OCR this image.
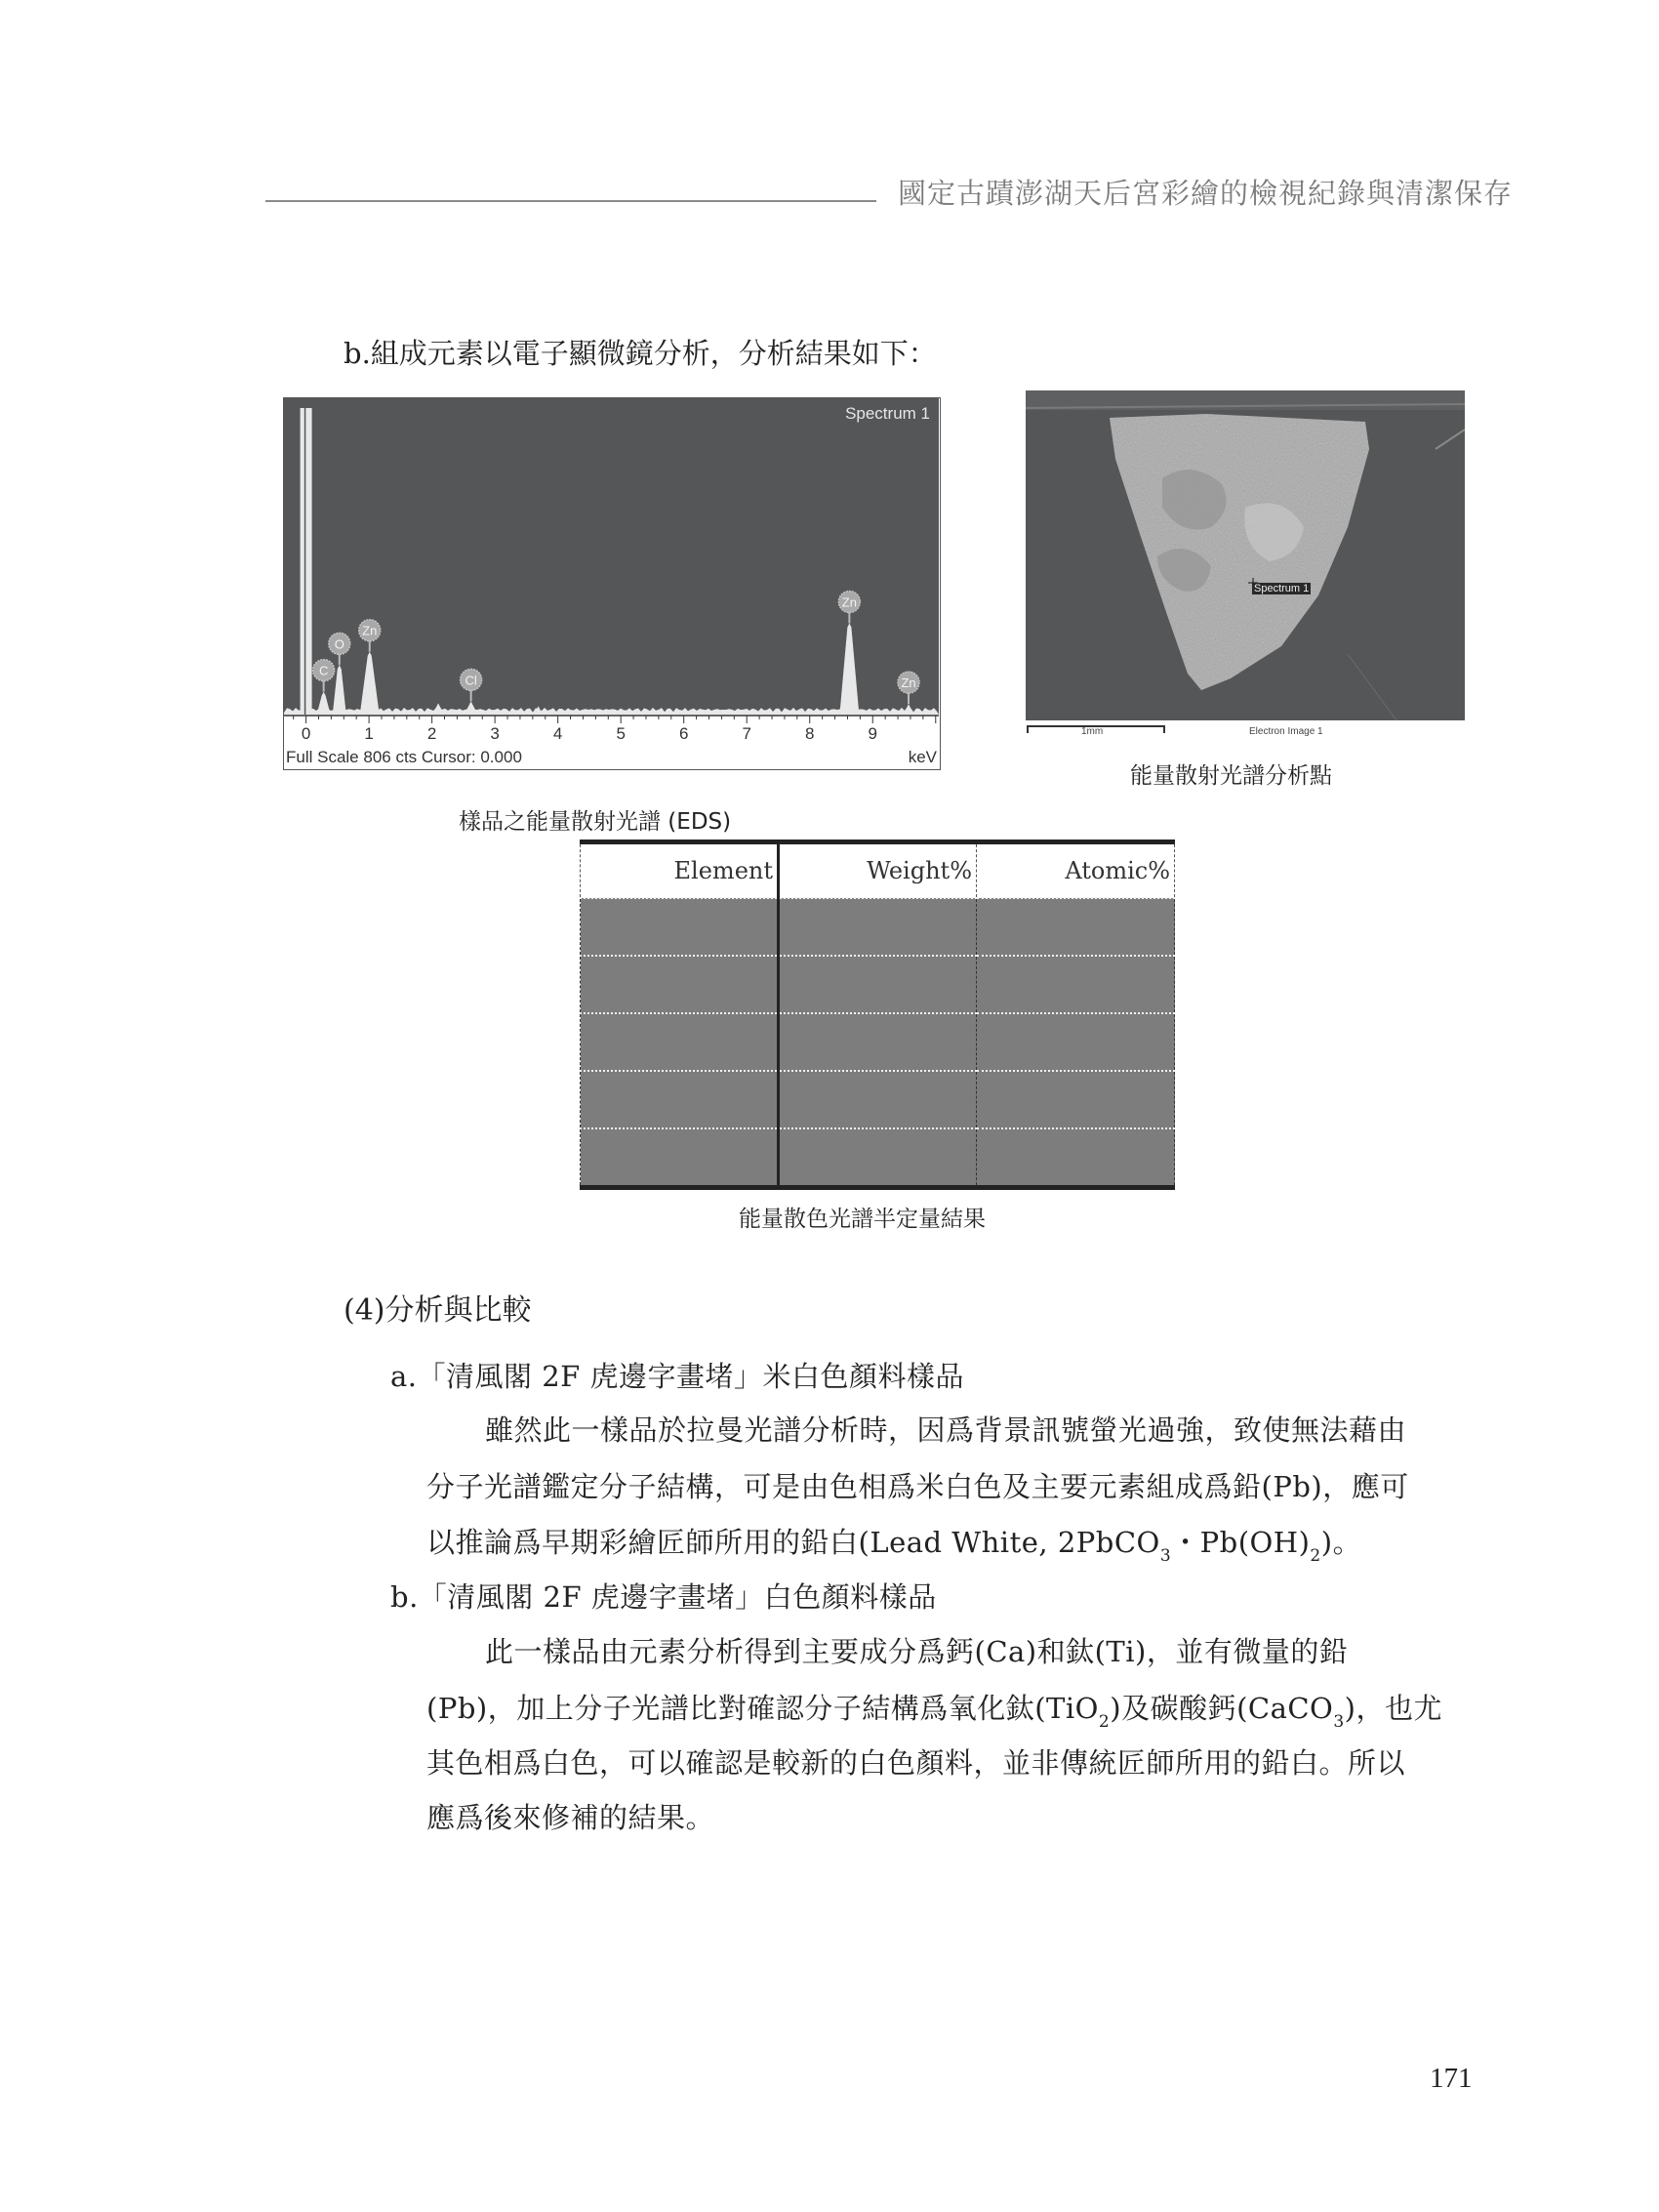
國定古蹟澎湖天后宮彩繪的檢視紀錄與清潔保存
b.組成元素以電子顯微鏡分析，分析結果如下：
C
O
Zn
Cl
Zn
Zn
0	1	2	3	4	5	6	7	8	9
Spectrum 1
Full Scale 806 cts Cursor: 0.000	keV
Spectrum 1
1mm	Electron Image 1
能量散射光譜分析點
樣品之能量散射光譜 (EDS)
Element	Weight%	Atomic%

能量散色光譜半定量結果
(4)分析與比較
a.「清風閣 2F 虎邊字畫堵」米白色顏料樣品
雖然此一樣品於拉曼光譜分析時，因爲背景訊號螢光過強，致使無法藉由
分子光譜鑑定分子結構，可是由色相爲米白色及主要元素組成爲鉛(Pb)，應可
以推論爲早期彩繪匠師所用的鉛白(Lead White, 2PbCO$_3$・$Pb(OH)_2$)。
b.「清風閣 2F 虎邊字畫堵」白色顏料樣品
此一樣品由元素分析得到主要成分爲鈣(Ca)和鈦(Ti)，並有微量的鉛
(Pb)，加上分子光譜比對確認分子結構爲氧化鈦(TiO$_2$)及碳酸鈣(CaCO$_3$)，也尤
其色相爲白色，可以確認是較新的白色顏料，並非傳統匠師所用的鉛白。所以
應爲後來修補的結果。
171
